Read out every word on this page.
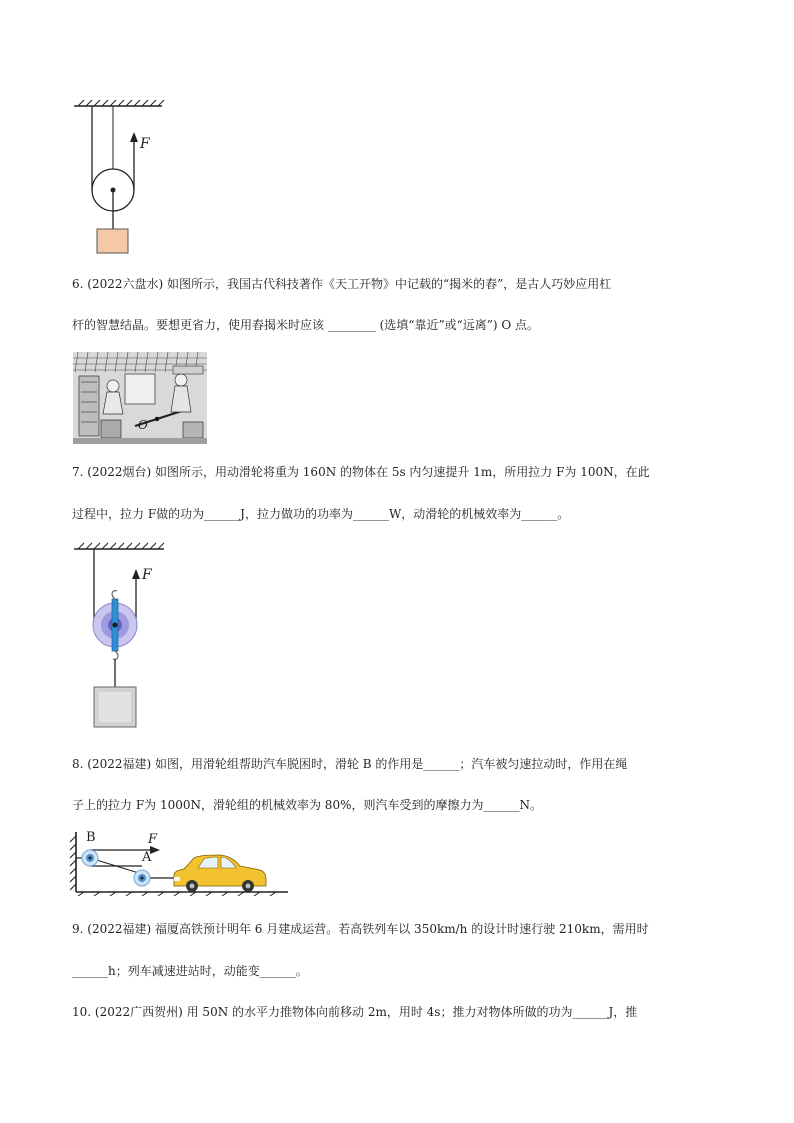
F
6. (2022六盘水) 如图所示，我国古代科技著作《天工开物》中记载的“揭米的舂”，是古人巧妙应用杠
杆的智慧结晶。要想更省力，使用舂揭米时应该 ________ (选填“靠近”或“远离”) O 点。
O
7. (2022烟台) 如图所示，用动滑轮将重为 160N 的物体在 5s 内匀速提升 1m，所用拉力 F为 100N，在此
过程中，拉力 F做的功为______J，拉力做功的功率为______W，动滑轮的机械效率为______。
F
8. (2022福建) 如图，用滑轮组帮助汽车脱困时，滑轮 B 的作用是______；汽车被匀速拉动时，作用在绳
子上的拉力 F为 1000N，滑轮组的机械效率为 80%，则汽车受到的摩擦力为______N。
B	F
A
9. (2022福建) 福厦高铁预计明年 6 月建成运营。若高铁列车以 350km/h 的设计时速行驶 210km，需用时
______h；列车减速进站时，动能变______。
10. (2022广西贺州) 用 50N 的水平力推物体向前移动 2m，用时 4s；推力对物体所做的功为______J，推
